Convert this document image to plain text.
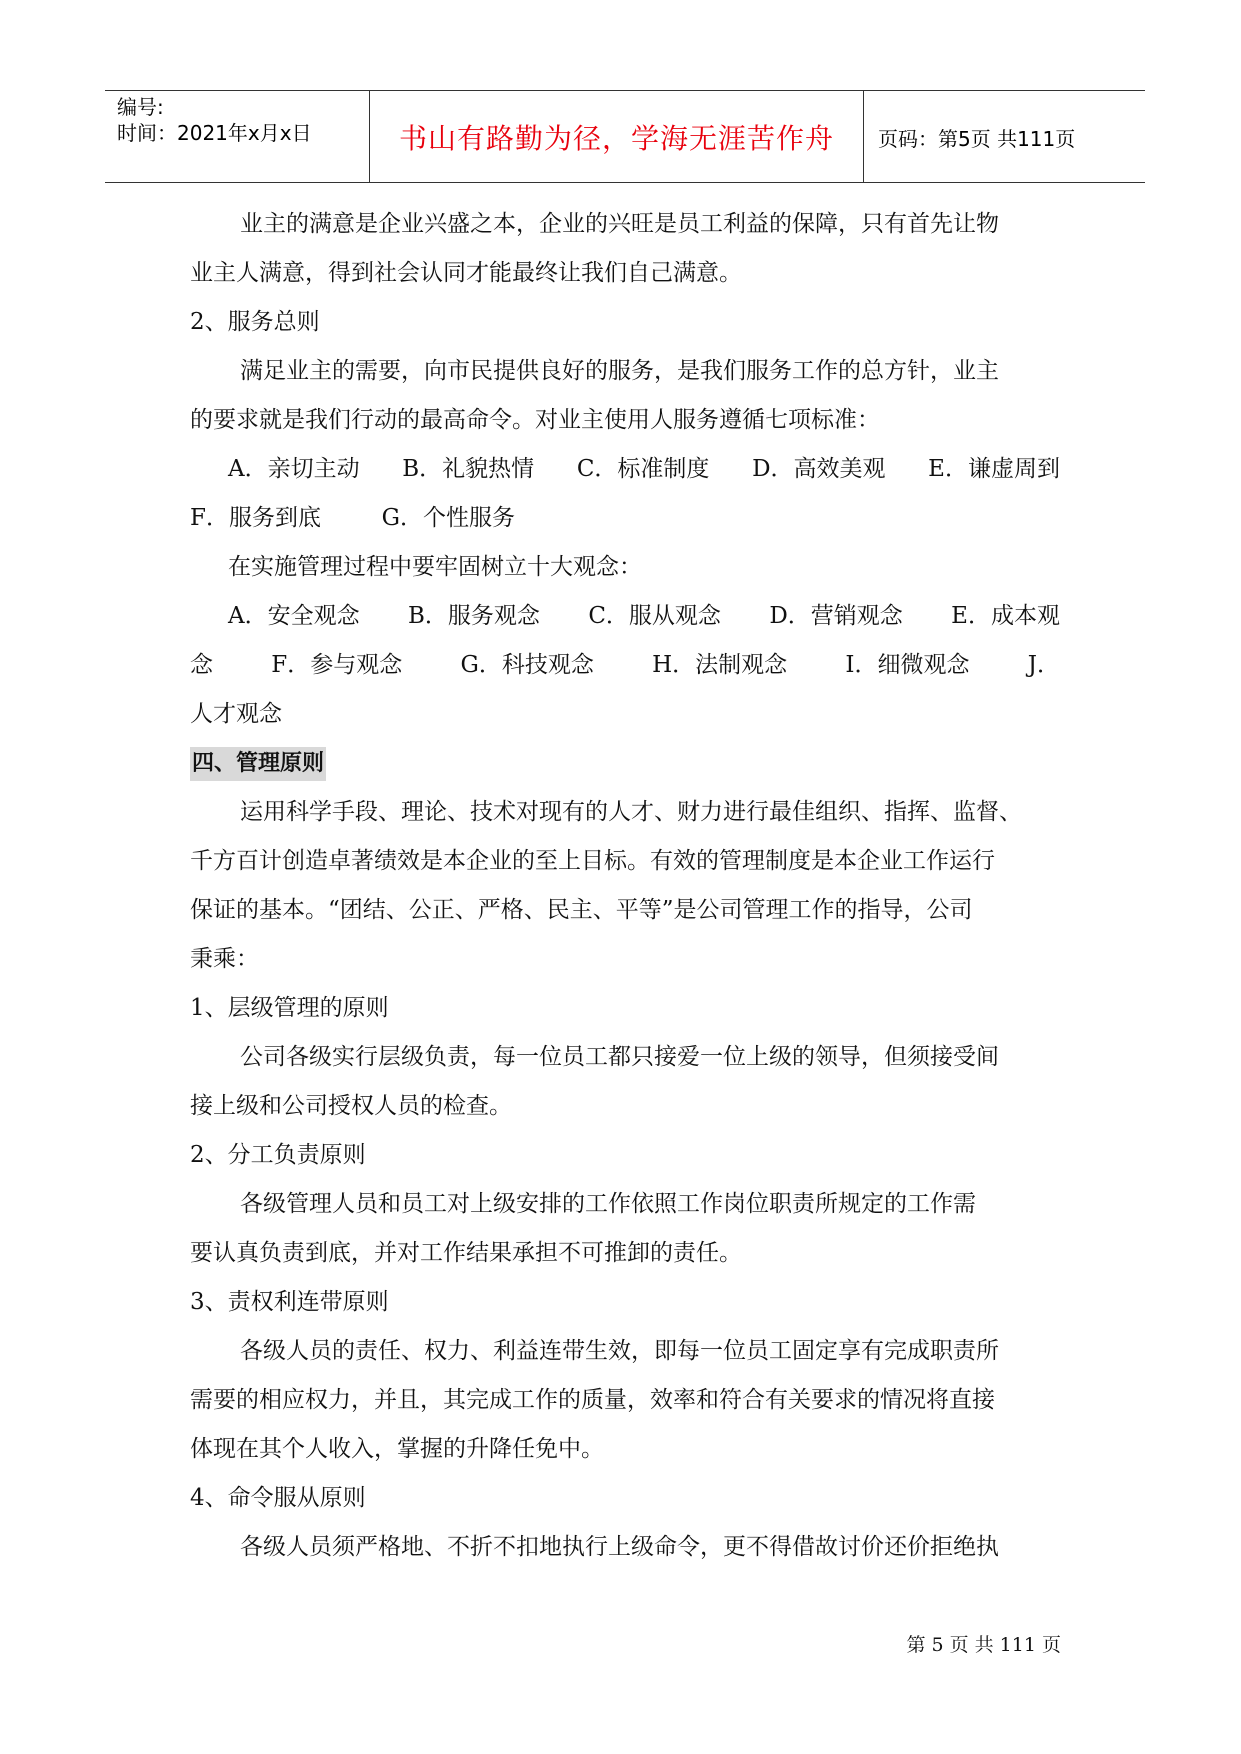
编号:
时间：2021年x月x日	书山有路勤为径，学海无涯苦作舟	页码：第5页 共111页
业主的满意是企业兴盛之本，企业的兴旺是员工利益的保障，只有首先让物
业主人满意，得到社会认同才能最终让我们自己满意。
2、服务总则
满足业主的需要，向市民提供良好的服务，是我们服务工作的总方针，业主
的要求就是我们行动的最高命令。对业主使用人服务遵循七项标准：
A．亲切主动 B．礼貌热情 C．标准制度 D．高效美观 E．谦虚周到
F．服务到底	G．个性服务
在实施管理过程中要牢固树立十大观念：
A．安全观念 B．服务观念 C．服从观念 D．营销观念 E．成本观
念	F．参与观念	G．科技观念	H．法制观念	I．细微观念	J．
人才观念
四、管理原则
运用科学手段、理论、技术对现有的人才、财力进行最佳组织、指挥、监督、
千方百计创造卓著绩效是本企业的至上目标。有效的管理制度是本企业工作运行
保证的基本。“团结、公正、严格、民主、平等”是公司管理工作的指导，公司
秉乘：
1、层级管理的原则
公司各级实行层级负责，每一位员工都只接爱一位上级的领导，但须接受间
接上级和公司授权人员的检查。
2、分工负责原则
各级管理人员和员工对上级安排的工作依照工作岗位职责所规定的工作需
要认真负责到底，并对工作结果承担不可推卸的责任。
3、责权利连带原则
各级人员的责任、权力、利益连带生效，即每一位员工固定享有完成职责所
需要的相应权力，并且，其完成工作的质量，效率和符合有关要求的情况将直接
体现在其个人收入，掌握的升降任免中。
4、命令服从原则
各级人员须严格地、不折不扣地执行上级命令，更不得借故讨价还价拒绝执
第 5 页 共 111 页
